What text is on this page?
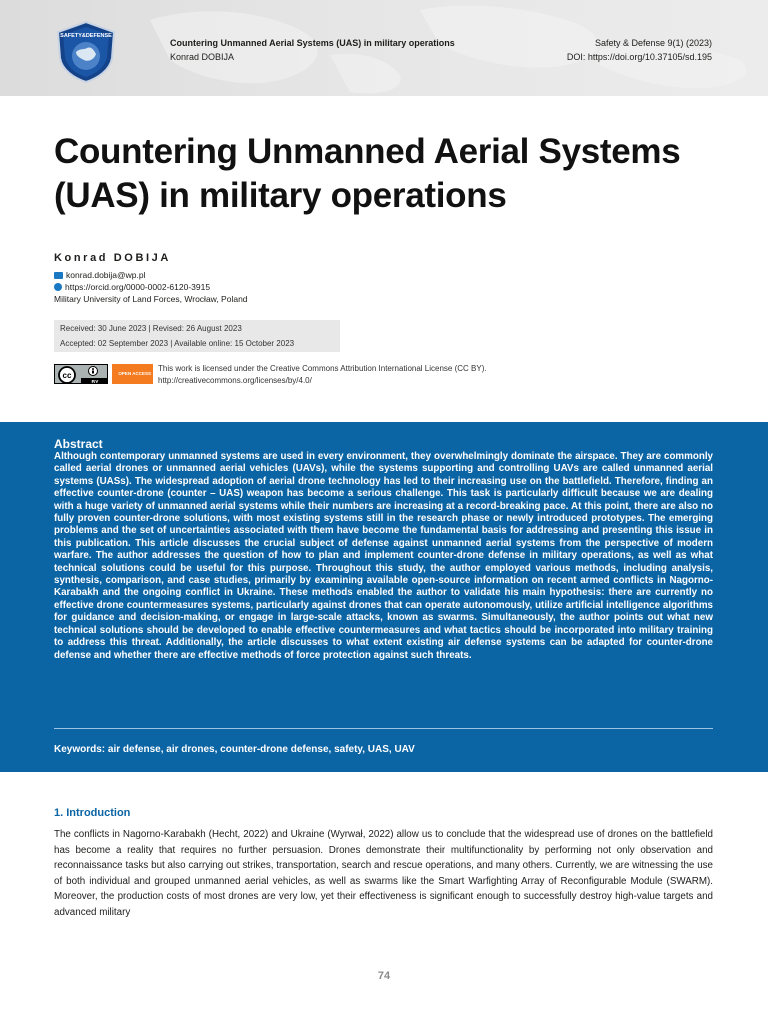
SAFETY&DEFENSE
Countering Unmanned Aerial Systems (UAS) in military operations
Konrad DOBIJA
Safety & Defense 9(1) (2023)
DOI: https://doi.org/10.37105/sd.195
Countering Unmanned Aerial Systems (UAS) in military operations
Konrad DOBIJA
konrad.dobija@wp.pl
https://orcid.org/0000-0002-6120-3915
Military University of Land Forces, Wrocław, Poland
Received: 30 June 2023 | Revised: 26 August 2023
Accepted: 02 September 2023 | Available online: 15 October 2023
cc
BY
OPEN ACCESS
This work is licensed under the Creative Commons Attribution International License (CC BY).
http://creativecommons.org/licenses/by/4.0/
Abstract

Although contemporary unmanned systems are used in every environment, they overwhelmingly dominate the airspace. They are commonly called aerial drones or unmanned aerial vehicles (UAVs), while the systems supporting and controlling UAVs are called unmanned aerial systems (UASs). The widespread adoption of aerial drone technology has led to their increasing use on the battlefield. Therefore, finding an effective counter-drone (counter – UAS) weapon has become a serious challenge. This task is particularly difficult because we are dealing with a huge variety of unmanned aerial systems while their numbers are increasing at a record-breaking pace. At this point, there are also no fully proven counter-drone solutions, with most existing systems still in the research phase or newly introduced prototypes. The emerging problems and the set of uncertainties associated with them have become the fundamental basis for addressing and presenting this issue in this publication. This article discusses the crucial subject of defense against unmanned aerial systems from the perspective of modern warfare. The author addresses the question of how to plan and implement counter-drone defense in military operations, as well as what technical solutions could be useful for this purpose. Throughout this study, the author employed various methods, including analysis, synthesis, comparison, and case studies, primarily by examining available open-source information on recent armed conflicts in Nagorno-Karabakh and the ongoing conflict in Ukraine. These methods enabled the author to validate his main hypothesis: there are currently no effective drone countermeasures systems, particularly against drones that can operate autonomously, utilize artificial intelligence algorithms for guidance and decision-making, or engage in large-scale attacks, known as swarms. Simultaneously, the author points out what new technical solutions should be developed to enable effective countermeasures and what tactics should be incorporated into military training to address this threat. Additionally, the article discusses to what extent existing air defense systems can be adapted for counter-drone defense and whether there are effective methods of force protection against such threats.

Keywords: air defense, air drones, counter-drone defense, safety, UAS, UAV
1. Introduction

The conflicts in Nagorno-Karabakh (Hecht, 2022) and Ukraine (Wyrwał, 2022) allow us to conclude that the widespread use of drones on the battlefield has become a reality that requires no further persuasion. Drones demonstrate their multifunctionality by performing not only observation and reconnaissance tasks but also carrying out strikes, transportation, search and rescue operations, and many others. Currently, we are witnessing the use of both individual and grouped unmanned aerial vehicles, as well as swarms like the Smart Warfighting Array of Reconfigurable Module (SWARM). Moreover, the production costs of most drones are very low, yet their effectiveness is significant enough to successfully destroy high-value targets and advanced military

74
